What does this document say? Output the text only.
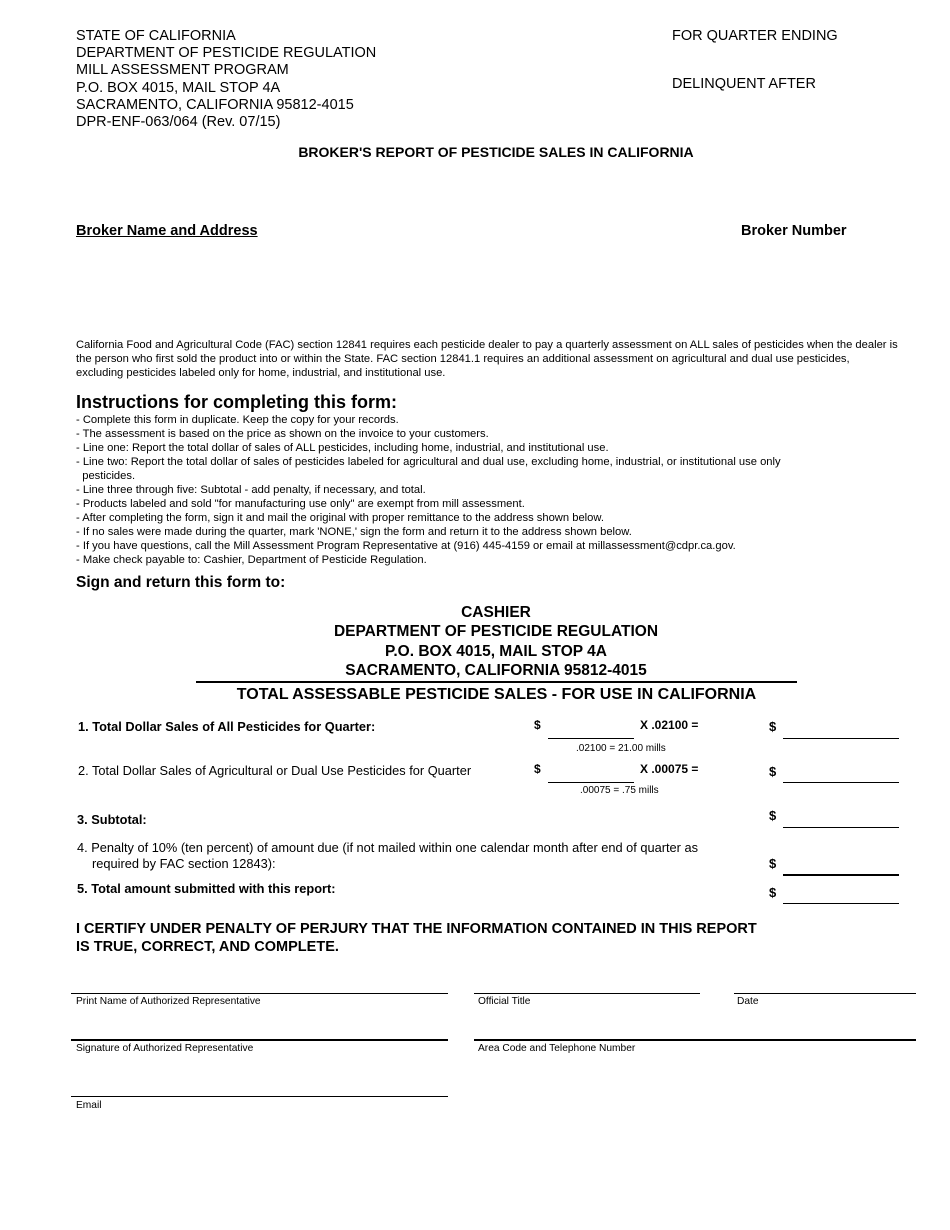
STATE OF CALIFORNIA
DEPARTMENT OF PESTICIDE REGULATION
MILL ASSESSMENT PROGRAM
P.O. BOX 4015, MAIL STOP 4A
SACRAMENTO, CALIFORNIA 95812-4015
DPR-ENF-063/064 (Rev. 07/15)
FOR QUARTER ENDING
DELINQUENT AFTER
BROKER'S REPORT OF PESTICIDE SALES IN CALIFORNIA
Broker Name and Address	Broker Number
California Food and Agricultural Code (FAC) section 12841 requires each pesticide dealer to pay a quarterly assessment on ALL sales of pesticides when the dealer is the person who first sold the product into or within the State. FAC section 12841.1 requires an additional assessment on agricultural and dual use pesticides, excluding pesticides labeled only for home, industrial, and institutional use.
Instructions for completing this form:
- Complete this form in duplicate. Keep the copy for your records.
- The assessment is based on the price as shown on the invoice to your customers.
- Line one: Report the total dollar of sales of ALL pesticides, including home, industrial, and institutional use.
- Line two: Report the total dollar of sales of pesticides labeled for agricultural and dual use, excluding home, industrial, or institutional use only
pesticides.
- Line three through five: Subtotal - add penalty, if necessary, and total.
- Products labeled and sold "for manufacturing use only" are exempt from mill assessment.
- After completing the form, sign it and mail the original with proper remittance to the address shown below.
- If no sales were made during the quarter, mark 'NONE,' sign the form and return it to the address shown below.
- If you have questions, call the Mill Assessment Program Representative at (916) 445-4159 or email at millassessment@cdpr.ca.gov.
- Make check payable to: Cashier, Department of Pesticide Regulation.
Sign and return this form to:
CASHIER
DEPARTMENT OF PESTICIDE REGULATION
P.O. BOX 4015, MAIL STOP 4A
SACRAMENTO, CALIFORNIA 95812-4015
TOTAL ASSESSABLE PESTICIDE SALES - FOR USE IN CALIFORNIA
1. Total Dollar Sales of All Pesticides for Quarter:	$	X .02100 =
.02100 = 21.00 mills
$
2. Total Dollar Sales of Agricultural or Dual Use Pesticides for Quarter	$	X .00075 =
.00075 = .75 mills
$
3. Subtotal:	$
4. Penalty of 10% (ten percent) of amount due (if not mailed within one calendar month after end of quarter as
required by FAC section 12843):	$
5. Total amount submitted with this report:	$
I CERTIFY UNDER PENALTY OF PERJURY THAT THE INFORMATION CONTAINED IN THIS REPORT
IS TRUE, CORRECT, AND COMPLETE.
Print Name of Authorized Representative	Official Title	Date
Signature of Authorized Representative	Area Code and Telephone Number
Email
